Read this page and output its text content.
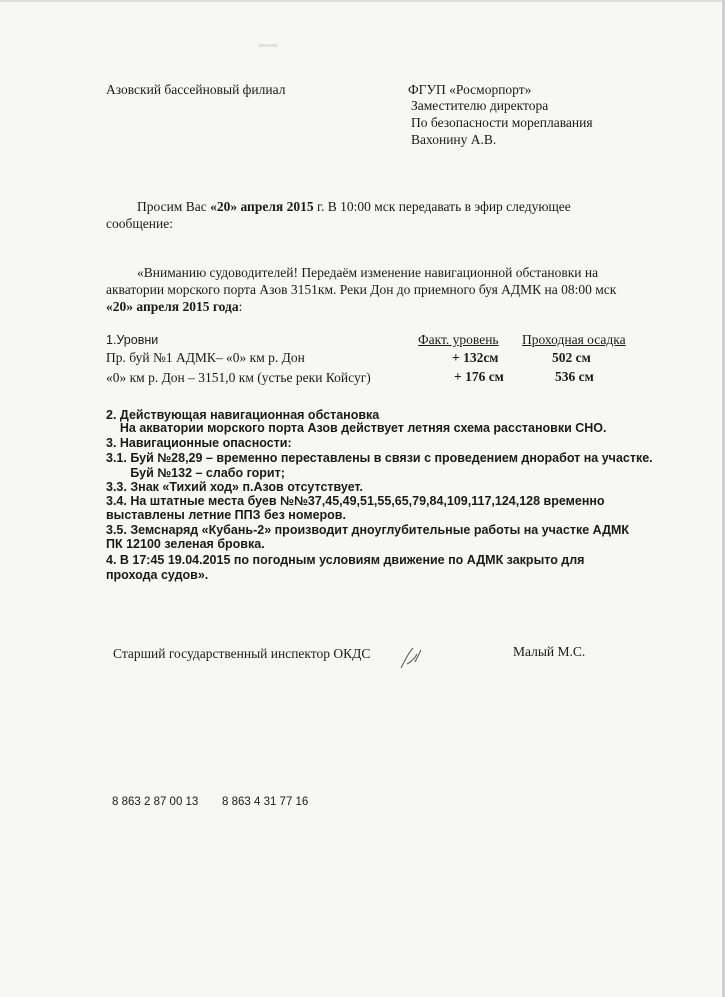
Азовский бассейновый филиал	ФГУП «Росморпорт»
Заместителю директора
По безопасности мореплавания
Вахонину А.В.
Просим Вас «20» апреля 2015 г. В 10:00 мск передавать в эфир следующее
сообщение:
«Вниманию судоводителей! Передаём изменение навигационной обстановки на
акватории морского порта Азов 3151км. Реки Дон до приемного буя АДМК на 08:00 мск
«20» апреля 2015 года:
1.Уровни	Факт. уровень Проходная осадка
Пр. буй №1 АДМК– «0» км р. Дон	+ 132см	502 см
«0» км р. Дон – 3151,0 км (устье реки Койсуг)	+ 176 см	536 см
2. Действующая навигационная обстановка
На акватории морского порта Азов действует летняя схема расстановки СНО.
3. Навигационные опасности:
3.1. Буй №28,29 – временно переставлены в связи с проведением днoработ на участке.
Буй №132 – слабо горит;
3.3. Знак «Тихий ход» п.Азов отсутствует.
3.4. На штатные места буев №№37,45,49,51,55,65,79,84,109,117,124,128 временно
выставлены летние ППЗ без номеров.
3.5. Земснаряд «Кубань-2» производит дноуглубительные работы на участке АДМК
ПК 12100 зеленая бровка.
4. В 17:45 19.04.2015 по погодным условиям движение по АДМК закрыто для
проходa судов».
Старший государственный инспектор ОКДС	Малый М.С.
8 863 2 87 00 13 8 863 4 31 77 16
